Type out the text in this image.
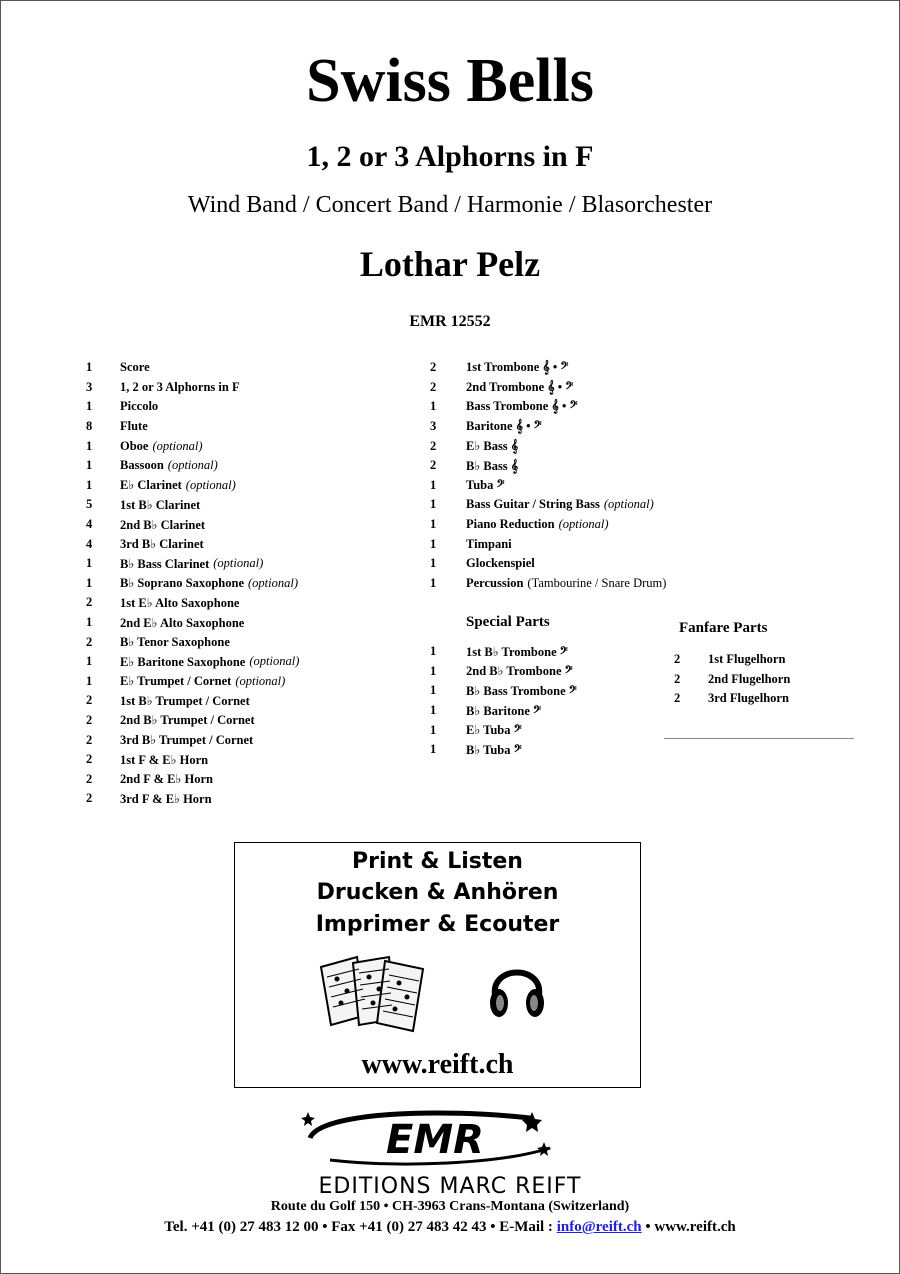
Swiss Bells
1, 2 or 3 Alphorns in F
Wind Band / Concert Band / Harmonie / Blasorchester
Lothar Pelz
EMR 12552
1	Score
3	1, 2 or 3 Alphorns in F
1	Piccolo
8	Flute
1	Oboe (optional)
1	Bassoon (optional)
1	E♭ Clarinet (optional)
5	1st B♭ Clarinet
4	2nd B♭ Clarinet
4	3rd B♭ Clarinet
1	B♭ Bass Clarinet (optional)
1	B♭ Soprano Saxophone (optional)
2	1st E♭ Alto Saxophone
1	2nd E♭ Alto Saxophone
2	B♭ Tenor Saxophone
1	E♭ Baritone Saxophone (optional)
1	E♭ Trumpet / Cornet (optional)
2	1st B♭ Trumpet / Cornet
2	2nd B♭ Trumpet / Cornet
2	3rd B♭ Trumpet / Cornet
2	1st F & E♭ Horn
2	2nd F & E♭ Horn
2	3rd F & E♭ Horn
2	1st Trombone 𝄞 • 𝄢
2	2nd Trombone 𝄞 • 𝄢
1	Bass Trombone 𝄞 • 𝄢
3	Baritone 𝄞 • 𝄢
2	E♭ Bass 𝄞
2	B♭ Bass 𝄞
1	Tuba 𝄢
1	Bass Guitar / String Bass (optional)
1	Piano Reduction (optional)
1	Timpani
1	Glockenspiel
1	Percussion (Tambourine / Snare Drum)
Special Parts
1	1st B♭ Trombone 𝄢
1	2nd B♭ Trombone 𝄢
1	B♭ Bass Trombone 𝄢
1	B♭ Baritone 𝄢
1	E♭ Tuba 𝄢
1	B♭ Tuba 𝄢
Fanfare Parts
2	1st Flugelhorn
2	2nd Flugelhorn
2	3rd Flugelhorn
Print & Listen
Drucken & Anhören
Imprimer & Ecouter
www.reift.ch
EMR
EDITIONS MARC REIFT
Route du Golf 150 • CH-3963 Crans-Montana (Switzerland)
Tel. +41 (0) 27 483 12 00 • Fax +41 (0) 27 483 42 43 • E-Mail : info@reift.ch • www.reift.ch
